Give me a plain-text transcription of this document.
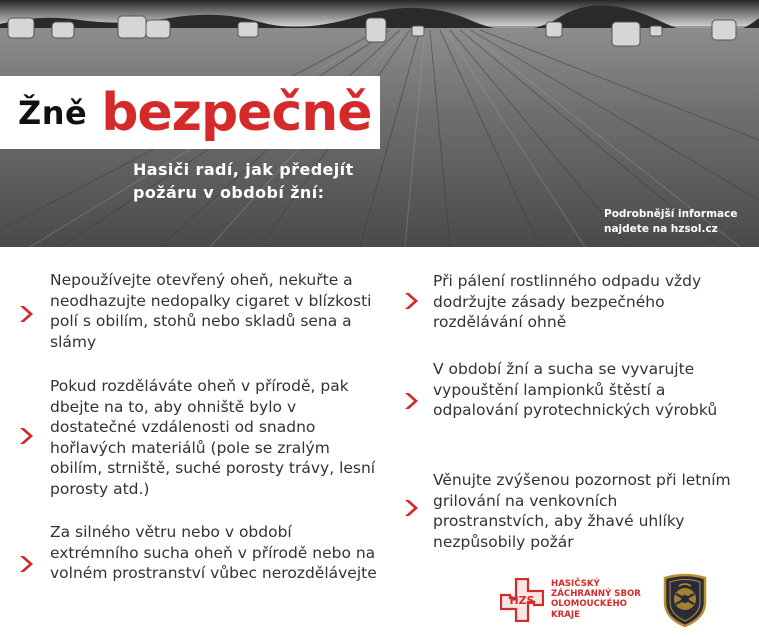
Žně bezpečně
Hasiči radí, jak předejít
požáru v období žní:
Podrobnější informace
najdete na hzsol.cz
Nepoužívejte otevřený oheň, nekuřte a neodhazujte nedopalky cigaret v blízkosti polí s obilím, stohů nebo skladů sena a slámy
Pokud rozděláváte oheň v přírodě, pak dbejte na to, aby ohniště bylo v dostatečné vzdálenosti od snadno hořlavých materiálů (pole se zralým obilím, strniště, suché porosty trávy, lesní porosty atd.)
Za silného větru nebo v období extrémního sucha oheň v přírodě nebo na volném prostranství vůbec nerozdělávejte
Při pálení rostlinného odpadu vždy dodržujte zásady bezpečného rozdělávání ohně
V období žní a sucha se vyvarujte vypouštění lampionků štěstí a odpalování pyrotechnických výrobků
Věnujte zvýšenou pozornost při letním grilování na venkovních prostranstvích, aby žhavé uhlíky nezpůsobily požár
HZS
HASIČSKÝ
ZÁCHRANNÝ SBOR
OLOMOUCKÉHO
KRAJE
